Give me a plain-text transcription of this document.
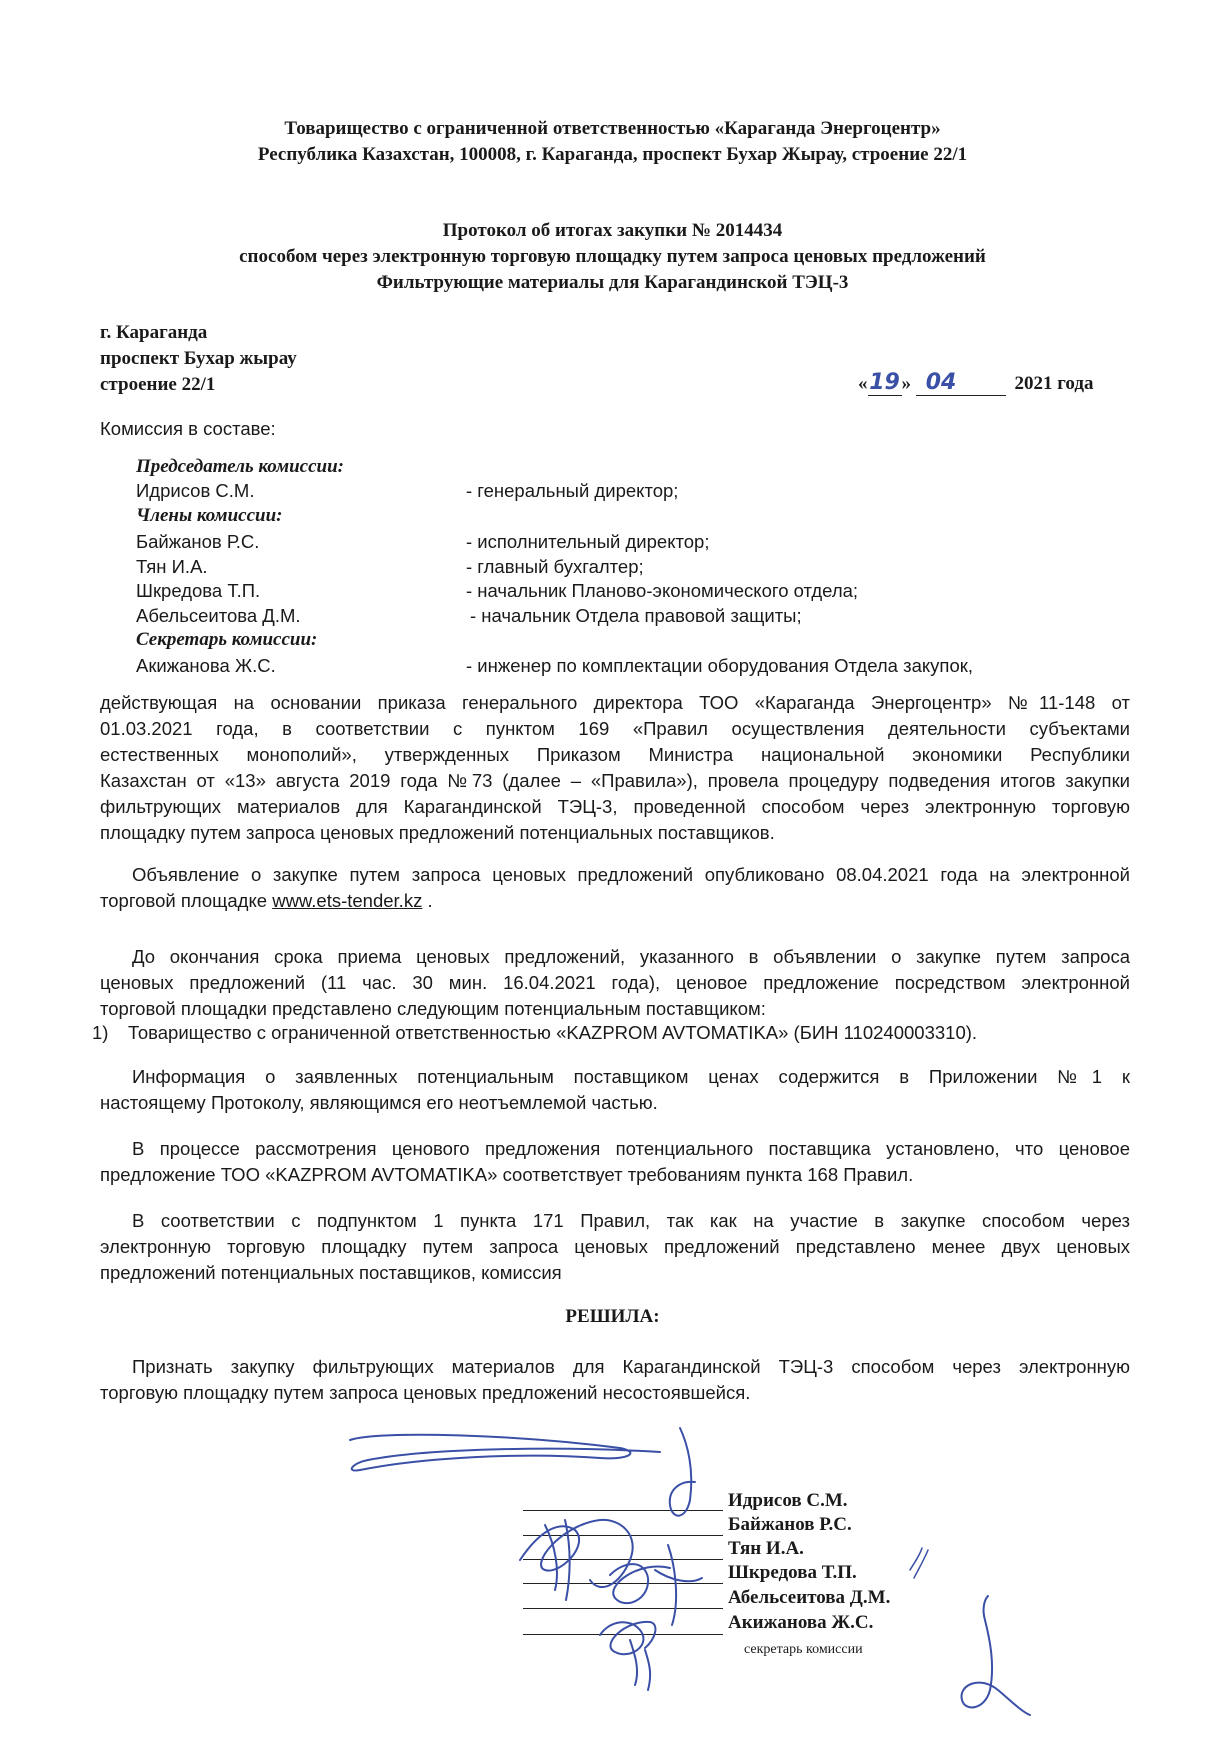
Товарищество с ограниченной ответственностью «Караганда Энергоцентр»
Республика Казахстан, 100008, г. Караганда, проспект Бухар Жырау, строение 22/1
Протокол об итогах закупки № 2014434
способом через электронную торговую площадку путем запроса ценовых предложений
Фильтрующие материалы для Карагандинской ТЭЦ-3
г. Караганда
проспект Бухар жырау
строение 22/1	«19» 04	2021 года
Комиссия в составе:
Председатель комиссии:
Идрисов С.М.	- генеральный директор;
Члены комиссии:
Байжанов Р.С.	- исполнительный директор;
Тян И.А.	- главный бухгалтер;
Шкредова Т.П.	- начальник Планово-экономического отдела;
Абельсеитова Д.М.	- начальник Отдела правовой защиты;
Секретарь комиссии:
Акижанова Ж.С.	- инженер по комплектации оборудования Отдела закупок,
действующая на основании приказа генерального директора ТОО «Караганда Энергоцентр» №11-148 от
01.03.2021 года, в соответствии с пунктом 169 «Правил осуществления деятельности субъектами
естественных монополий», утвержденных Приказом Министра национальной экономики Республики
Казахстан от «13» августа 2019 года №73 (далее – «Правила»), провела процедуру подведения итогов закупки
фильтрующих материалов для Карагандинской ТЭЦ-3, проведенной способом через электронную торговую
площадку путем запроса ценовых предложений потенциальных поставщиков.
Объявление о закупке путем запроса ценовых предложений опубликовано 08.04.2021 года на электронной
торговой площадке www.ets-tender.kz .
До окончания срока приема ценовых предложений, указанного в объявлении о закупке путем запроса
ценовых предложений (11 час. 30 мин. 16.04.2021 года), ценовое предложение посредством электронной
торговой площадки представлено следующим потенциальным поставщиком:
1) Товарищество с ограниченной ответственностью «KAZPROM AVTOMATIKA» (БИН 110240003310).
Информация о заявленных потенциальным поставщиком ценах содержится в Приложении №1 к
настоящему Протоколу, являющимся его неотъемлемой частью.
В процессе рассмотрения ценового предложения потенциального поставщика установлено, что ценовое
предложение ТОО «KAZPROM AVTOMATIKA» соответствует требованиям пункта 168 Правил.
В соответствии с подпунктом 1 пункта 171 Правил, так как на участие в закупке способом через
электронную торговую площадку путем запроса ценовых предложений представлено менее двух ценовых
предложений потенциальных поставщиков, комиссия
РЕШИЛА:
Признать закупку фильтрующих материалов для Карагандинской ТЭЦ-3 способом через электронную
торговую площадку путем запроса ценовых предложений несостоявшейся.
Идрисов С.М.
Байжанов Р.С.
Тян И.А.
Шкредова Т.П.
Абельсеитова Д.М.
Акижанова Ж.С.
секретарь комиссии
